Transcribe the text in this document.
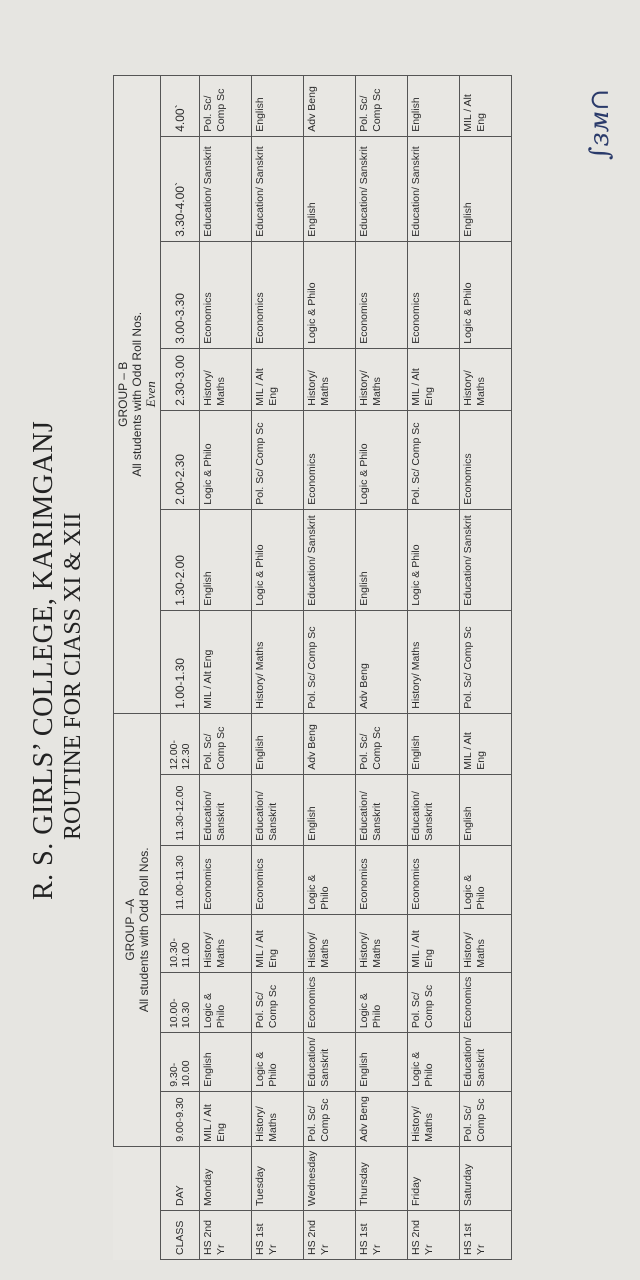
R. S. GIRLS’ COLLEGE, KARIMGANJ ROUTINE FOR CIASS XI & XII

		GROUP –A All students with Odd Roll Nos.							GROUP – B All students with Odd Roll Nos.
Even						

CLASS	DAY	9.00-9.30	9.30-10.00	10.00-10.30	10.30-11.00	11.00-11.30	11.30-12.00	12.00-12.30	1.00-1.30	1.30-2.00	2.00-2.30	2.30-3.00	3.00-3.30	3.30-4.00`	4.00`
HS 2nd Yr	Monday	MIL / Alt Eng	English	Logic & Philo	History/ Maths	Economics	Education/ Sanskrit	Pol. Sc/ Comp Sc	MIL / Alt Eng	English	Logic & Philo	History/ Maths	Economics	Education/ Sanskrit	Pol. Sc/ Comp Sc
HS 1st Yr	Tuesday	History/ Maths	Logic & Philo	Pol. Sc/ Comp Sc	MIL / Alt Eng	Economics	Education/ Sanskrit	English	History/ Maths	Logic & Philo	Pol. Sc/ Comp Sc	MIL / Alt Eng	Economics	Education/ Sanskrit	English
HS 2nd Yr	Wednesday	Pol. Sc/ Comp Sc	Education/ Sanskrit	Economics	History/ Maths	Logic & Philo	English	Adv Beng	Pol. Sc/ Comp Sc	Education/ Sanskrit	Economics	History/ Maths	Logic & Philo	English	Adv Beng
HS 1st Yr	Thursday	Adv Beng	English	Logic & Philo	History/ Maths	Economics	Education/ Sanskrit	Pol. Sc/ Comp Sc	Adv Beng	English	Logic & Philo	History/ Maths	Economics	Education/ Sanskrit	Pol. Sc/ Comp Sc
HS 2nd Yr	Friday	History/ Maths	Logic & Philo	Pol. Sc/ Comp Sc	MIL / Alt Eng	Economics	Education/ Sanskrit	English	History/ Maths	Logic & Philo	Pol. Sc/ Comp Sc	MIL / Alt Eng	Economics	Education/ Sanskrit	English
HS 1st Yr	Saturday	Pol. Sc/ Comp Sc	Education/ Sanskrit	Economics	History/ Maths	Logic & Philo	English	MIL / Alt Eng	Pol. Sc/ Comp Sc	Education/ Sanskrit	Economics	History/ Maths	Logic & Philo	English	MIL / Alt Eng	∫зм∩
